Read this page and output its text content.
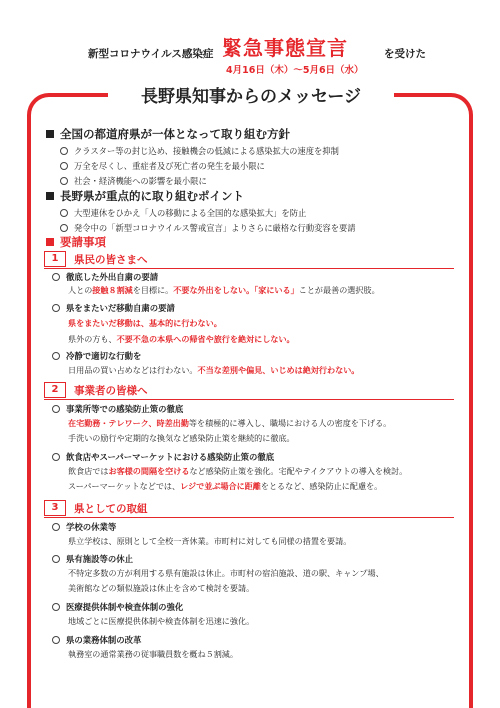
新型コロナウイルス感染症 緊急事態宣言	を受けた
4月16日（木）～5月6日（水）
長野県知事からのメッセージ
全国の都道府県が一体となって取り組む方針
クラスター等の封じ込め、接触機会の低減による感染拡大の速度を抑制
万全を尽くし、重症者及び死亡者の発生を最小限に
社会・経済機能への影響を最小限に
長野県が重点的に取り組むポイント
大型連休をひかえ「人の移動による全国的な感染拡大」を防止
発令中の「新型コロナウイルス警戒宣言」よりさらに厳格な行動変容を要請
要請事項
1	県民の皆さまへ
徹底した外出自粛の要請
人との接触８割減を目標に。不要な外出をしない。「家にいる」ことが最善の選択肢。
県をまたいだ移動自粛の要請
県をまたいだ移動は、基本的に行わない。
県外の方も、不要不急の本県への帰省や旅行を絶対にしない。
冷静で適切な行動を
日用品の買い占めなどは行わない。不当な差別や偏見、いじめは絶対行わない。
2	事業者の皆様へ
事業所等での感染防止策の徹底
在宅勤務・テレワーク、時差出勤等を積極的に導入し、職場における人の密度を下げる。
手洗いの励行や定期的な換気など感染防止策を継続的に徹底。
飲食店やスーパーマーケットにおける感染防止策の徹底
飲食店ではお客様の間隔を空けるなど感染防止策を強化。宅配やテイクアウトの導入を検討。
スーパーマーケットなどでは、レジで並ぶ場合に距離をとるなど、感染防止に配慮を。
3	県としての取組
学校の休業等
県立学校は、原則として全校一斉休業。市町村に対しても同様の措置を要請。
県有施設等の休止
不特定多数の方が利用する県有施設は休止。市町村の宿泊施設、道の駅、キャンプ場、
美術館などの類似施設は休止を含めて検討を要請。
医療提供体制や検査体制の強化
地域ごとに医療提供体制や検査体制を迅速に強化。
県の業務体制の改革
執務室の通常業務の従事職員数を概ね５割減。
